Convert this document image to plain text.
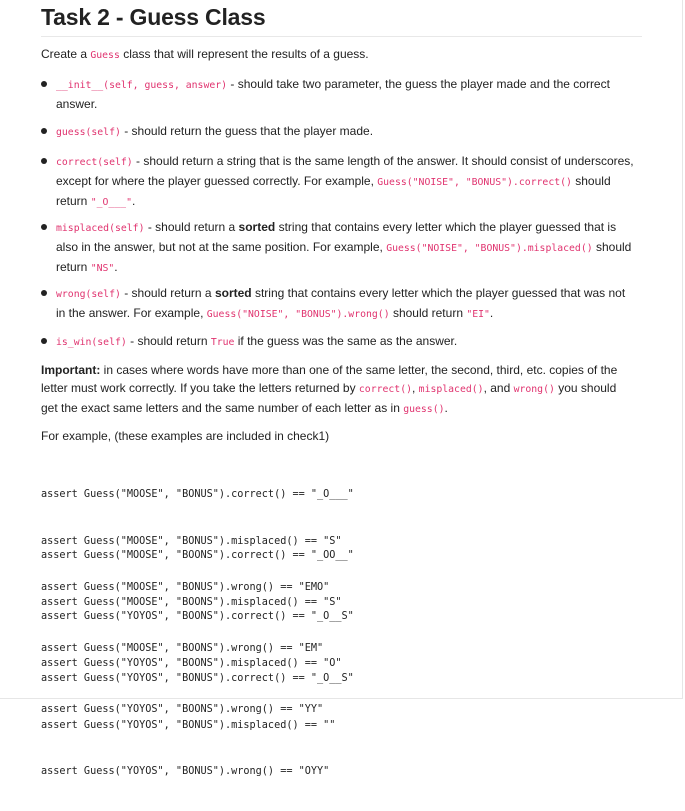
Task 2 - Guess Class
Create a Guess class that will represent the results of a guess.
__init__(self, guess, answer) - should take two parameter, the guess the player made and the correct
answer.
guess(self) - should return the guess that the player made.
correct(self) - should return a string that is the same length of the answer. It should consist of underscores,
except for where the player guessed correctly. For example, Guess("NOISE", "BONUS").correct() should
return "_O___".
misplaced(self) - should return a sorted string that contains every letter which the player guessed that is
also in the answer, but not at the same position. For example, Guess("NOISE", "BONUS").misplaced() should
return "NS".
wrong(self) - should return a sorted string that contains every letter which the player guessed that was not
in the answer. For example, Guess("NOISE", "BONUS").wrong() should return "EI".
is_win(self) - should return True if the guess was the same as the answer.
Important: in cases where words have more than one of the same letter, the second, third, etc. copies of the
letter must work correctly. If you take the letters returned by correct(), misplaced(), and wrong() you should
get the exact same letters and the same number of each letter as in guess().
For example, (these examples are included in check1)

assert Guess("MOOSE", "BONUS").correct() == "_O___"

assert Guess("MOOSE", "BONUS").misplaced() == "S"

assert Guess("MOOSE", "BONUS").wrong() == "EMO"

assert Guess("MOOSE", "BOONS").correct() == "_OO__"

assert Guess("MOOSE", "BOONS").misplaced() == "S"

assert Guess("MOOSE", "BOONS").wrong() == "EM"

assert Guess("YOYOS", "BOONS").correct() == "_O__S"

assert Guess("YOYOS", "BOONS").misplaced() == "O"

assert Guess("YOYOS", "BOONS").wrong() == "YY"

assert Guess("YOYOS", "BONUS").correct() == "_O__S"

assert Guess("YOYOS", "BONUS").misplaced() == ""

assert Guess("YOYOS", "BONUS").wrong() == "OYY"
